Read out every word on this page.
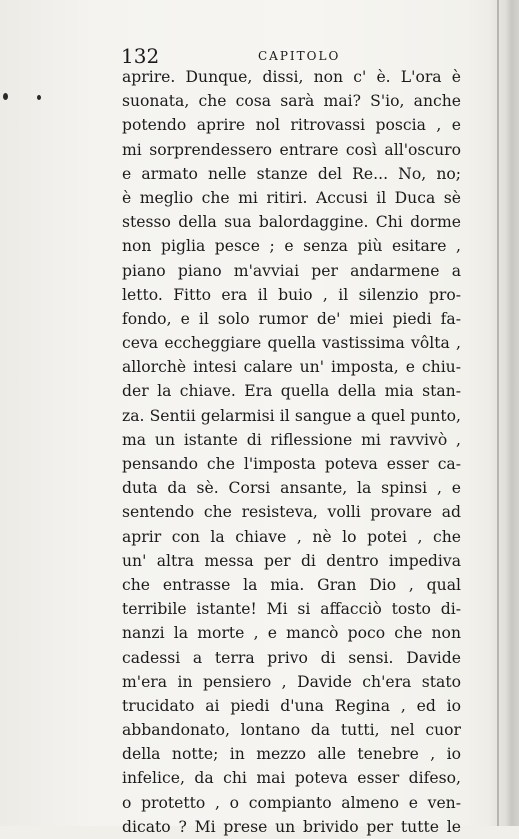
132	CAPITOLO
aprire. Dunque, dissi, non c' è. L'ora è
suonata, che cosa sarà mai? S'io, anche
potendo aprire nol ritrovassi poscia , e
mi sorprendessero entrare così all'oscuro
e armato nelle stanze del Re... No, no;
è meglio che mi ritiri. Accusi il Duca sè
stesso della sua balordaggine. Chi dorme
non piglia pesce ; e senza più esitare ,
piano piano m'avviai per andarmene a
letto. Fitto era il buio , il silenzio pro-
fondo, e il solo rumor de' miei piedi fa-
ceva eccheggiare quella vastissima vôlta ,
allorchè intesi calare un' imposta, e chiu-
der la chiave. Era quella della mia stan-
za. Sentii gelarmisi il sangue a quel punto,
ma un istante di riflessione mi ravvivò ,
pensando che l'imposta poteva esser ca-
duta da sè. Corsi ansante, la spinsi , e
sentendo che resisteva, volli provare ad
aprir con la chiave , nè lo potei , che
un' altra messa per di dentro impediva
che entrasse la mia. Gran Dio , qual
terribile istante! Mi si affacciò tosto di-
nanzi la morte , e mancò poco che non
cadessi a terra privo di sensi. Davide
m'era in pensiero , Davide ch'era stato
trucidato ai piedi d'una Regina , ed io
abbandonato, lontano da tutti, nel cuor
della notte; in mezzo alle tenebre , io
infelice, da chi mai poteva esser difeso,
o protetto , o compianto almeno e ven-
dicato ? Mi prese un brivido per tutte le
